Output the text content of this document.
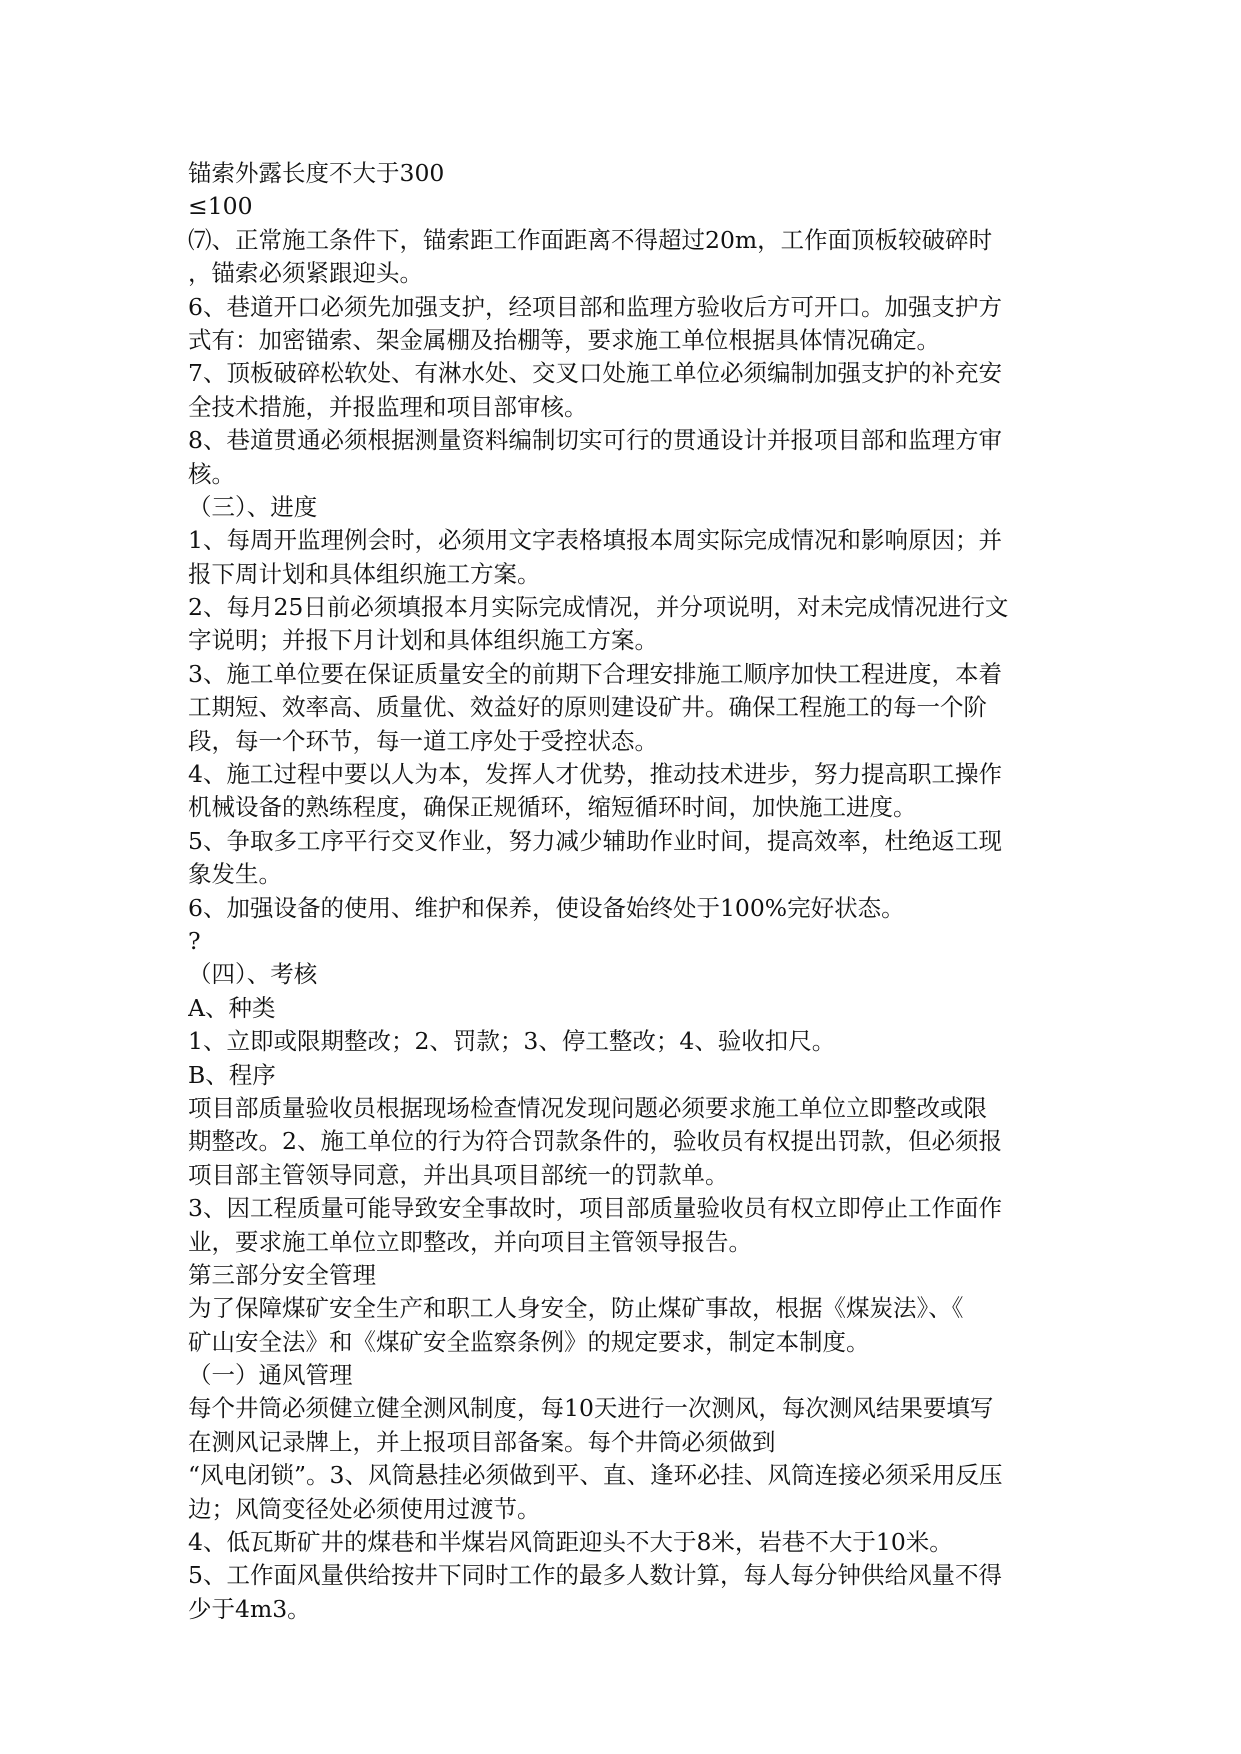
锚索外露长度不大于300
≤100
⑺、正常施工条件下，锚索距工作面距离不得超过20m，工作面顶板较破碎时
，锚索必须紧跟迎头。
6、巷道开口必须先加强支护，经项目部和监理方验收后方可开口。加强支护方
式有：加密锚索、架金属棚及抬棚等，要求施工单位根据具体情况确定。
7、顶板破碎松软处、有淋水处、交叉口处施工单位必须编制加强支护的补充安
全技术措施，并报监理和项目部审核。
8、巷道贯通必须根据测量资料编制切实可行的贯通设计并报项目部和监理方审
核。
（三）、进度
1、每周开监理例会时，必须用文字表格填报本周实际完成情况和影响原因；并
报下周计划和具体组织施工方案。
2、每月25日前必须填报本月实际完成情况，并分项说明，对未完成情况进行文
字说明；并报下月计划和具体组织施工方案。
3、施工单位要在保证质量安全的前期下合理安排施工顺序加快工程进度，本着
工期短、效率高、质量优、效益好的原则建设矿井。确保工程施工的每一个阶
段，每一个环节，每一道工序处于受控状态。
4、施工过程中要以人为本，发挥人才优势，推动技术进步，努力提高职工操作
机械设备的熟练程度，确保正规循环，缩短循环时间，加快施工进度。
5、争取多工序平行交叉作业，努力减少辅助作业时间，提高效率，杜绝返工现
象发生。
6、加强设备的使用、维护和保养，使设备始终处于100%完好状态。
?
（四）、考核
A、种类
1、立即或限期整改；2、罚款；3、停工整改；4、验收扣尺。
B、程序
项目部质量验收员根据现场检查情况发现问题必须要求施工单位立即整改或限
期整改。2、施工单位的行为符合罚款条件的，验收员有权提出罚款，但必须报
项目部主管领导同意，并出具项目部统一的罚款单。
3、因工程质量可能导致安全事故时，项目部质量验收员有权立即停止工作面作
业，要求施工单位立即整改，并向项目主管领导报告。
第三部分安全管理
为了保障煤矿安全生产和职工人身安全，防止煤矿事故，根据《煤炭法》、《
矿山安全法》和《煤矿安全监察条例》的规定要求，制定本制度。
（一）通风管理
每个井筒必须健立健全测风制度，每10天进行一次测风，每次测风结果要填写
在测风记录牌上，并上报项目部备案。每个井筒必须做到
“风电闭锁”。3、风筒悬挂必须做到平、直、逢环必挂、风筒连接必须采用反压
边；风筒变径处必须使用过渡节。
4、低瓦斯矿井的煤巷和半煤岩风筒距迎头不大于8米，岩巷不大于10米。
5、工作面风量供给按井下同时工作的最多人数计算，每人每分钟供给风量不得
少于4m3。
